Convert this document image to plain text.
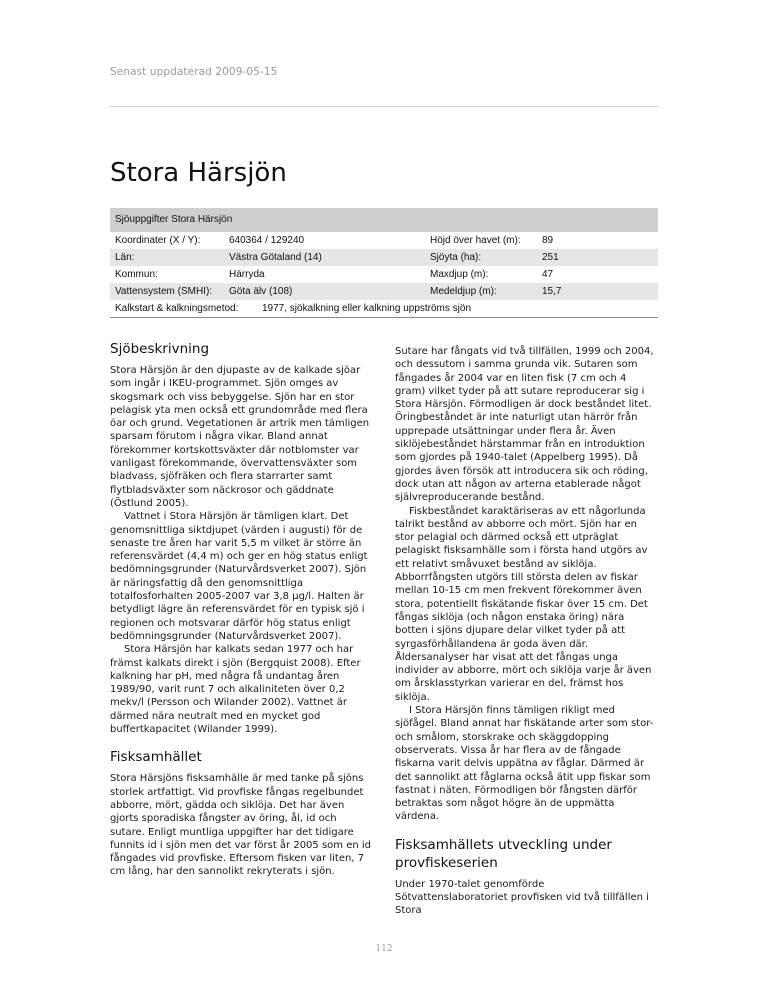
Senast uppdaterad 2009-05-15
Stora Härsjön
Sjöuppgifter Stora Härsjön
Koordinater (X / Y):	640364 / 129240	Höjd över havet (m):	89
Län:	Västra Götaland (14)	Sjöyta (ha):	251
Kommun:	Härryda	Maxdjup (m):	47
Vattensystem (SMHI):	Göta älv (108)	Medeldjup (m):	15,7
Kalkstart & kalkningsmetod:	1977, sjökalkning eller kalkning uppströms sjön
Sjöbeskrivning

Stora Härsjön är den djupaste av de kalkade sjöar som ingår i IKEU-programmet. Sjön omges av skogsmark och viss bebyggelse. Sjön har en stor pelagisk yta men också ett grundområde med flera öar och grund. Vegetationen är artrik men tämligen sparsam förutom i några vikar. Bland annat förekommer kortskottsväxter där notblomster var vanligast förekommande, övervattensväxter som bladvass, sjöfräken och flera starrarter samt flytbladsväxter som näckrosor och gäddnate (Östlund 2005).

Vattnet i Stora Härsjön är tämligen klart. Det genomsnittliga siktdjupet (värden i augusti) för de senaste tre åren har varit 5,5 m vilket är större än referensvärdet (4,4 m) och ger en hög status enligt bedömningsgrunder (Naturvårdsverket 2007). Sjön är näringsfattig då den genomsnittliga totalfosforhalten 2005-2007 var 3,8 µg/l. Halten är betydligt lägre än referensvärdet för en typisk sjö i regionen och motsvarar därför hög status enligt bedömningsgrunder (Naturvårdsverket 2007).

Stora Härsjön har kalkats sedan 1977 och har främst kalkats direkt i sjön (Bergquist 2008). Efter kalkning har pH, med några få undantag åren 1989/90, varit runt 7 och alkaliniteten över 0,2 mekv/l (Persson och Wilander 2002). Vattnet är därmed nära neutralt med en mycket god buffertkapacitet (Wilander 1999).

Fisksamhället

Stora Härsjöns fisksamhälle är med tanke på sjöns storlek artfattigt. Vid provfiske fångas regelbundet abborre, mört, gädda och siklöja. Det har även gjorts sporadiska fångster av öring, ål, id och sutare. Enligt muntliga uppgifter har det tidigare funnits id i sjön men det var först år 2005 som en id fångades vid provfiske. Eftersom fisken var liten, 7 cm lång, har den sannolikt rekryterats i sjön.

Sutare har fångats vid två tillfällen, 1999 och 2004, och dessutom i samma grunda vik. Sutaren som fångades år 2004 var en liten fisk (7 cm och 4 gram) vilket tyder på att sutare reproducerar sig i Stora Härsjön. Förmodligen är dock beståndet litet. Öringbeståndet är inte naturligt utan härrör från upprepade utsättningar under flera år. Även siklöjebeståndet härstammar från en introduktion som gjordes på 1940-talet (Appelberg 1995). Då gjordes även försök att introducera sik och röding, dock utan att någon av arterna etablerade något självreproducerande bestånd.

Fiskbeståndet karaktäriseras av ett någorlunda talrikt bestånd av abborre och mört. Sjön har en stor pelagial och därmed också ett utpräglat pelagiskt fisksamhälle som i första hand utgörs av ett relativt småvuxet bestånd av siklöja. Abborrfångsten utgörs till största delen av fiskar mellan 10-15 cm men frekvent förekommer även stora, potentiellt fiskätande fiskar över 15 cm. Det fångas siklöja (och någon enstaka öring) nära botten i sjöns djupare delar vilket tyder på att syrgasförhållandena är goda även där. Åldersanalyser har visat att det fångas unga individer av abborre, mört och siklöja varje år även om årsklasstyrkan varierar en del, främst hos siklöja.

I Stora Härsjön finns tämligen rikligt med sjöfågel. Bland annat har fiskätande arter som stor- och smålom, storskrake och skäggdopping observerats. Vissa år har flera av de fångade fiskarna varit delvis uppätna av fåglar. Därmed är det sannolikt att fåglarna också ätit upp fiskar som fastnat i näten. Förmodligen bör fångsten därför betraktas som något högre än de uppmätta värdena.

Fisksamhällets utveckling under provfiskeserien

Under 1970-talet genomförde Sötvattenslaboratoriet provfisken vid två tillfällen i Stora

112
